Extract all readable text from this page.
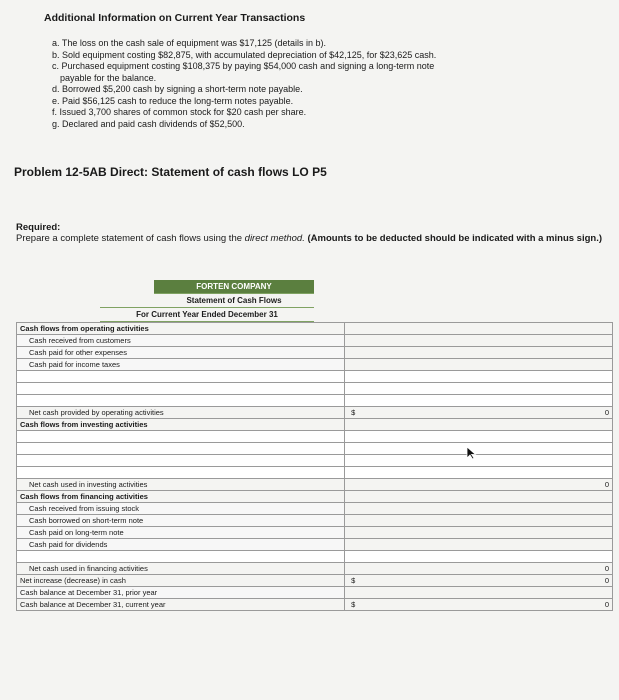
Additional Information on Current Year Transactions
a. The loss on the cash sale of equipment was $17,125 (details in b).
b. Sold equipment costing $82,875, with accumulated depreciation of $42,125, for $23,625 cash.
c. Purchased equipment costing $108,375 by paying $54,000 cash and signing a long-term note
payable for the balance.
d. Borrowed $5,200 cash by signing a short-term note payable.
e. Paid $56,125 cash to reduce the long-term notes payable.
f. Issued 3,700 shares of common stock for $20 cash per share.
g. Declared and paid cash dividends of $52,500.
Problem 12-5AB Direct: Statement of cash flows LO P5
Required:
Prepare a complete statement of cash flows using the direct method. (Amounts to be deducted should be indicated with a minus sign.)
FORTEN COMPANY
Statement of Cash Flows
For Current Year Ended December 31
Cash flows from operating activities		
Cash received from customers		
Cash paid for other expenses		
Cash paid for income taxes		

Net cash provided by operating activities	$	0
Cash flows from investing activities		

Net cash used in investing activities		0
Cash flows from financing activities		
Cash received from issuing stock		
Cash borrowed on short-term note		
Cash paid on long-term note		
Cash paid for dividends		

Net cash used in financing activities		0
Net increase (decrease) in cash	$	0
Cash balance at December 31, prior year		
Cash balance at December 31, current year	$	0
